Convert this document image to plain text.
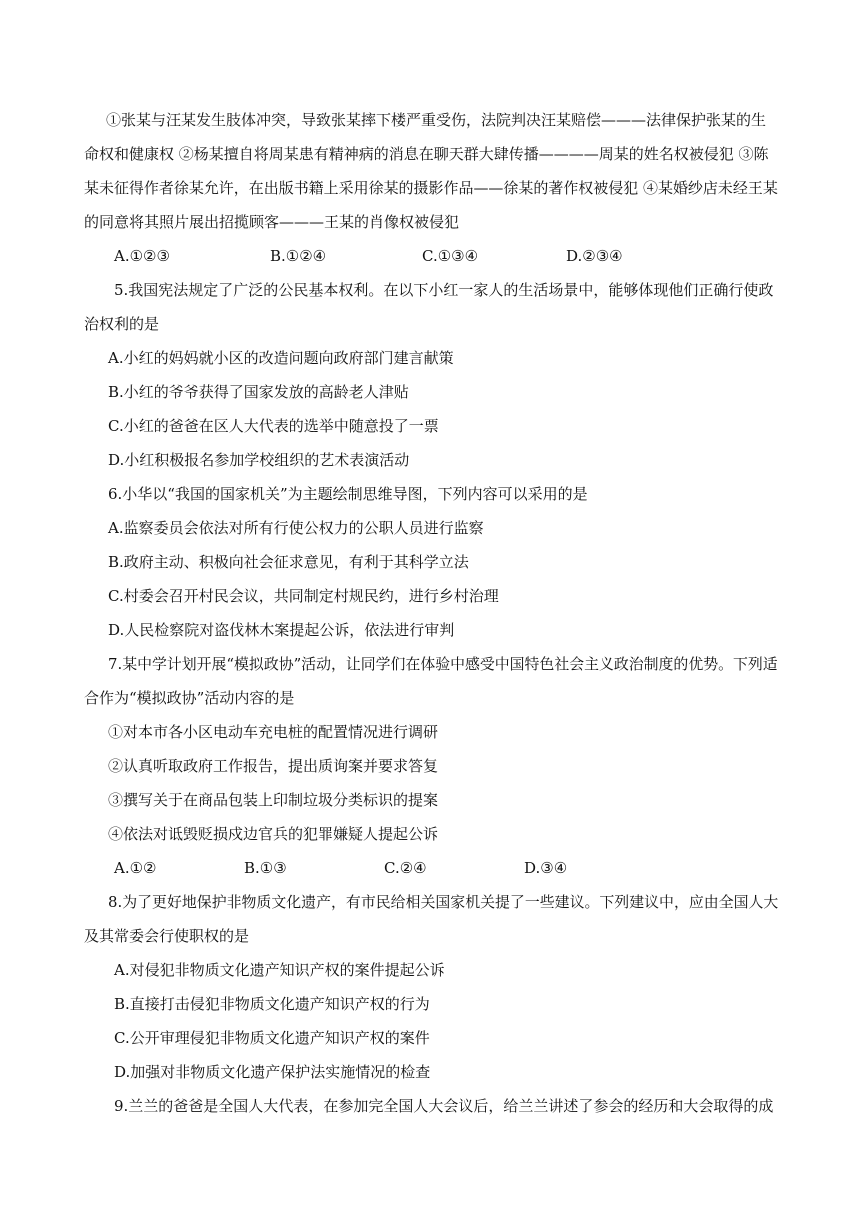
①张某与汪某发生肢体冲突，导致张某摔下楼严重受伤，法院判决汪某赔偿———法律保护张某的生
命权和健康权 ②杨某擅自将周某患有精神病的消息在聊天群大肆传播————周某的姓名权被侵犯 ③陈
某未征得作者徐某允许，在出版书籍上采用徐某的摄影作品——徐某的著作权被侵犯 ④某婚纱店未经王某
的同意将其照片展出招揽顾客———王某的肖像权被侵犯
A.①②③	B.①②④	C.①③④	D.②③④
5.我国宪法规定了广泛的公民基本权利。在以下小红一家人的生活场景中，能够体现他们正确行使政
治权利的是
A.小红的妈妈就小区的改造问题向政府部门建言献策
B.小红的爷爷获得了国家发放的高龄老人津贴
C.小红的爸爸在区人大代表的选举中随意投了一票
D.小红积极报名参加学校组织的艺术表演活动
6.小华以“我国的国家机关”为主题绘制思维导图，下列内容可以采用的是
A.监察委员会依法对所有行使公权力的公职人员进行监察
B.政府主动、积极向社会征求意见，有利于其科学立法
C.村委会召开村民会议，共同制定村规民约，进行乡村治理
D.人民检察院对盗伐林木案提起公诉，依法进行审判
7.某中学计划开展“模拟政协”活动，让同学们在体验中感受中国特色社会主义政治制度的优势。下列适
合作为“模拟政协”活动内容的是
①对本市各小区电动车充电桩的配置情况进行调研
②认真听取政府工作报告，提出质询案并要求答复
③撰写关于在商品包装上印制垃圾分类标识的提案
④依法对诋毁贬损戍边官兵的犯罪嫌疑人提起公诉
A.①②	B.①③	C.②④	D.③④
8.为了更好地保护非物质文化遗产，有市民给相关国家机关提了一些建议。下列建议中，应由全国人大
及其常委会行使职权的是
A.对侵犯非物质文化遗产知识产权的案件提起公诉
B.直接打击侵犯非物质文化遗产知识产权的行为
C.公开审理侵犯非物质文化遗产知识产权的案件
D.加强对非物质文化遗产保护法实施情况的检查
9.兰兰的爸爸是全国人大代表，在参加完全国人大会议后，给兰兰讲述了参会的经历和大会取得的成
